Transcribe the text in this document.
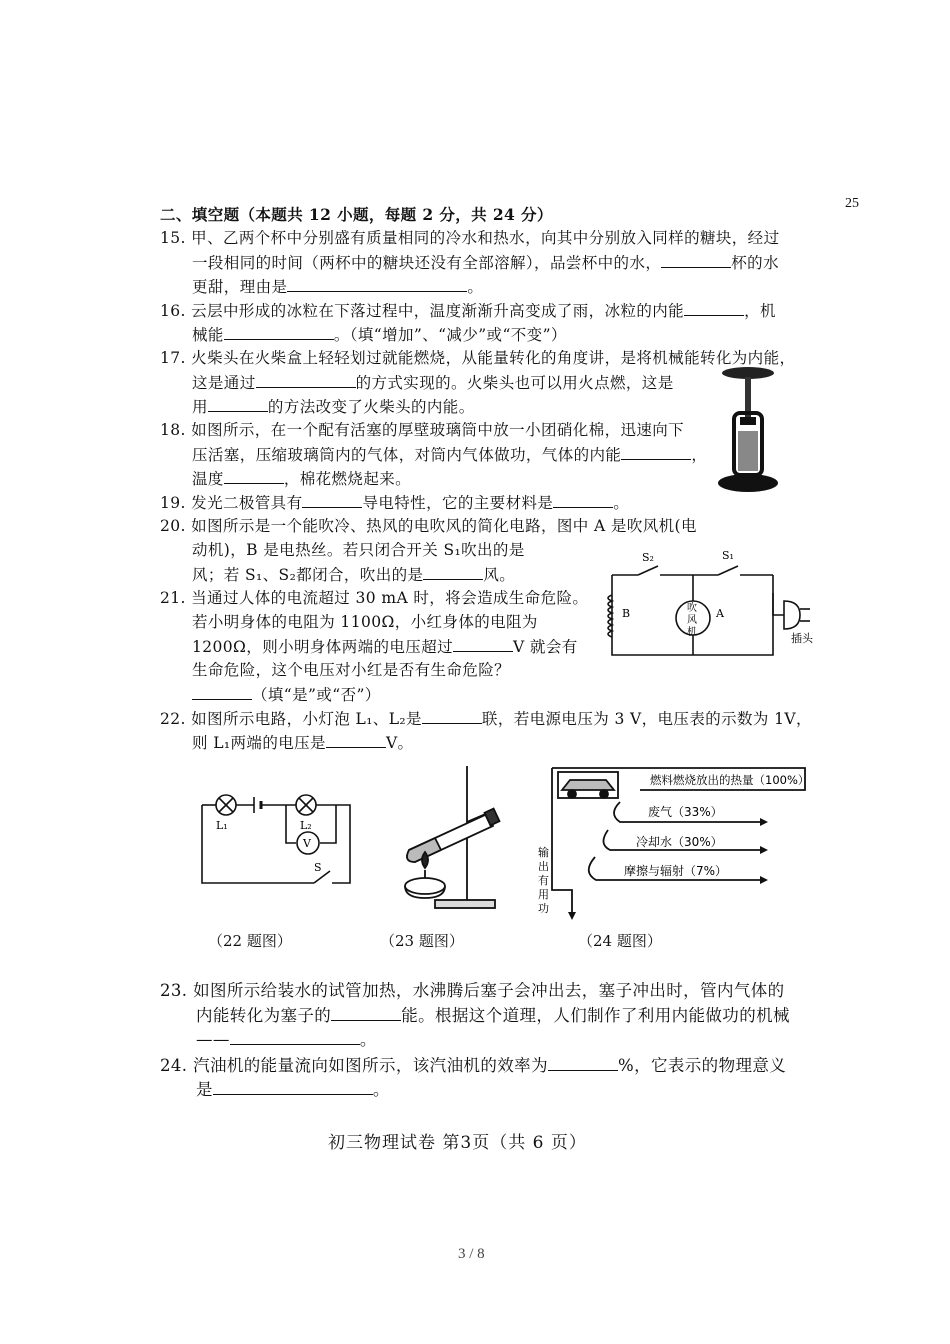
25
二、填空题（本题共 12 小题，每题 2 分，共 24 分）
15. 甲、乙两个杯中分别盛有质量相同的冷水和热水，向其中分别放入同样的糖块，经过
一段相同的时间（两杯中的糖块还没有全部溶解），品尝杯中的水，	杯的水
更甜，理由是	。
16. 云层中形成的冰粒在下落过程中，温度渐渐升高变成了雨，冰粒的内能	，机
械能	。（填“增加”、“减少”或“不变”）
17. 火柴头在火柴盒上轻轻划过就能燃烧，从能量转化的角度讲，是将机械能转化为内能，
这是通过	的方式实现的。火柴头也可以用火点燃，这是
用	的方法改变了火柴头的内能。
18. 如图所示，在一个配有活塞的厚壁玻璃筒中放一小团硝化棉，迅速向下
压活塞，压缩玻璃筒内的气体，对筒内气体做功，气体的内能	，
温度	，棉花燃烧起来。
19. 发光二极管具有	导电特性，它的主要材料是	。
20. 如图所示是一个能吹冷、热风的电吹风的简化电路，图中 A 是吹风机(电
动机)，B 是电热丝。若只闭合开关 S₁吹出的是
风；若 S₁、S₂都闭合，吹出的是	风。
S₂	S₁
B	A
吹
风
机	插头
21. 当通过人体的电流超过 30 mA 时，将会造成生命危险。
若小明身体的电阻为 1100Ω，小红身体的电阻为
1200Ω，则小明身体两端的电压超过	V 就会有
生命危险，这个电压对小红是否有生命危险？
（填“是”或“否”）
22. 如图所示电路，小灯泡 L₁、L₂是	联，若电源电压为 3 V，电压表的示数为 1V，
则 L₁两端的电压是	V。
L₁	L₂
V
S
燃料燃烧放出的热量（100%）
废气（33%）
冷却水（30%）
摩擦与辐射（7%）
输
出
有
用
功
（22 题图）	（23 题图）	（24 题图）
23. 如图所示给装水的试管加热，水沸腾后塞子会冲出去，塞子冲出时，管内气体的
内能转化为塞子的	能。根据这个道理，人们制作了利用内能做功的机械
——	。
24. 汽油机的能量流向如图所示，该汽油机的效率为	%，它表示的物理意义
是	。
初三物理试卷 第3页（共 6 页）
3 / 8
